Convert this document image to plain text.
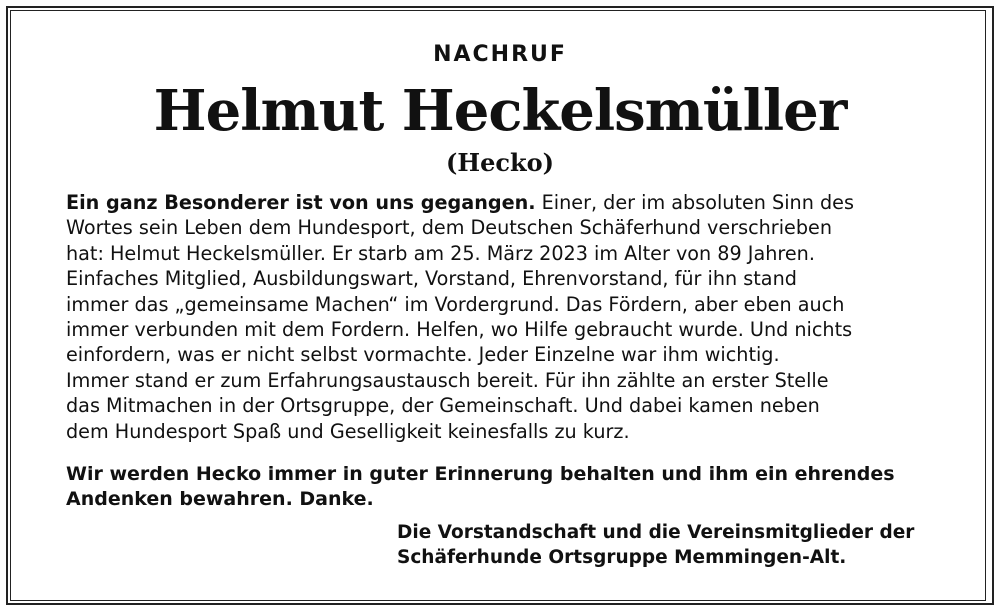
NACHRUF
Helmut Heckelsmüller
(Hecko)
Ein ganz Besonderer ist von uns gegangen. Einer, der im absoluten Sinn des
Wortes sein Leben dem Hundesport, dem Deutschen Schäferhund verschrieben
hat: Helmut Heckelsmüller. Er starb am 25. März 2023 im Alter von 89 Jahren.
Einfaches Mitglied, Ausbildungswart, Vorstand, Ehrenvorstand, für ihn stand
immer das „gemeinsame Machen“ im Vordergrund. Das Fördern, aber eben auch
immer verbunden mit dem Fordern. Helfen, wo Hilfe gebraucht wurde. Und nichts
einfordern, was er nicht selbst vormachte. Jeder Einzelne war ihm wichtig.
Immer stand er zum Erfahrungsaustausch bereit. Für ihn zählte an erster Stelle
das Mitmachen in der Ortsgruppe, der Gemeinschaft. Und dabei kamen neben
dem Hundesport Spaß und Geselligkeit keinesfalls zu kurz.
Wir werden Hecko immer in guter Erinnerung behalten und ihm ein ehrendes
Andenken bewahren. Danke.
Die Vorstandschaft und die Vereinsmitglieder der
Schäferhunde Ortsgruppe Memmingen-Alt.
